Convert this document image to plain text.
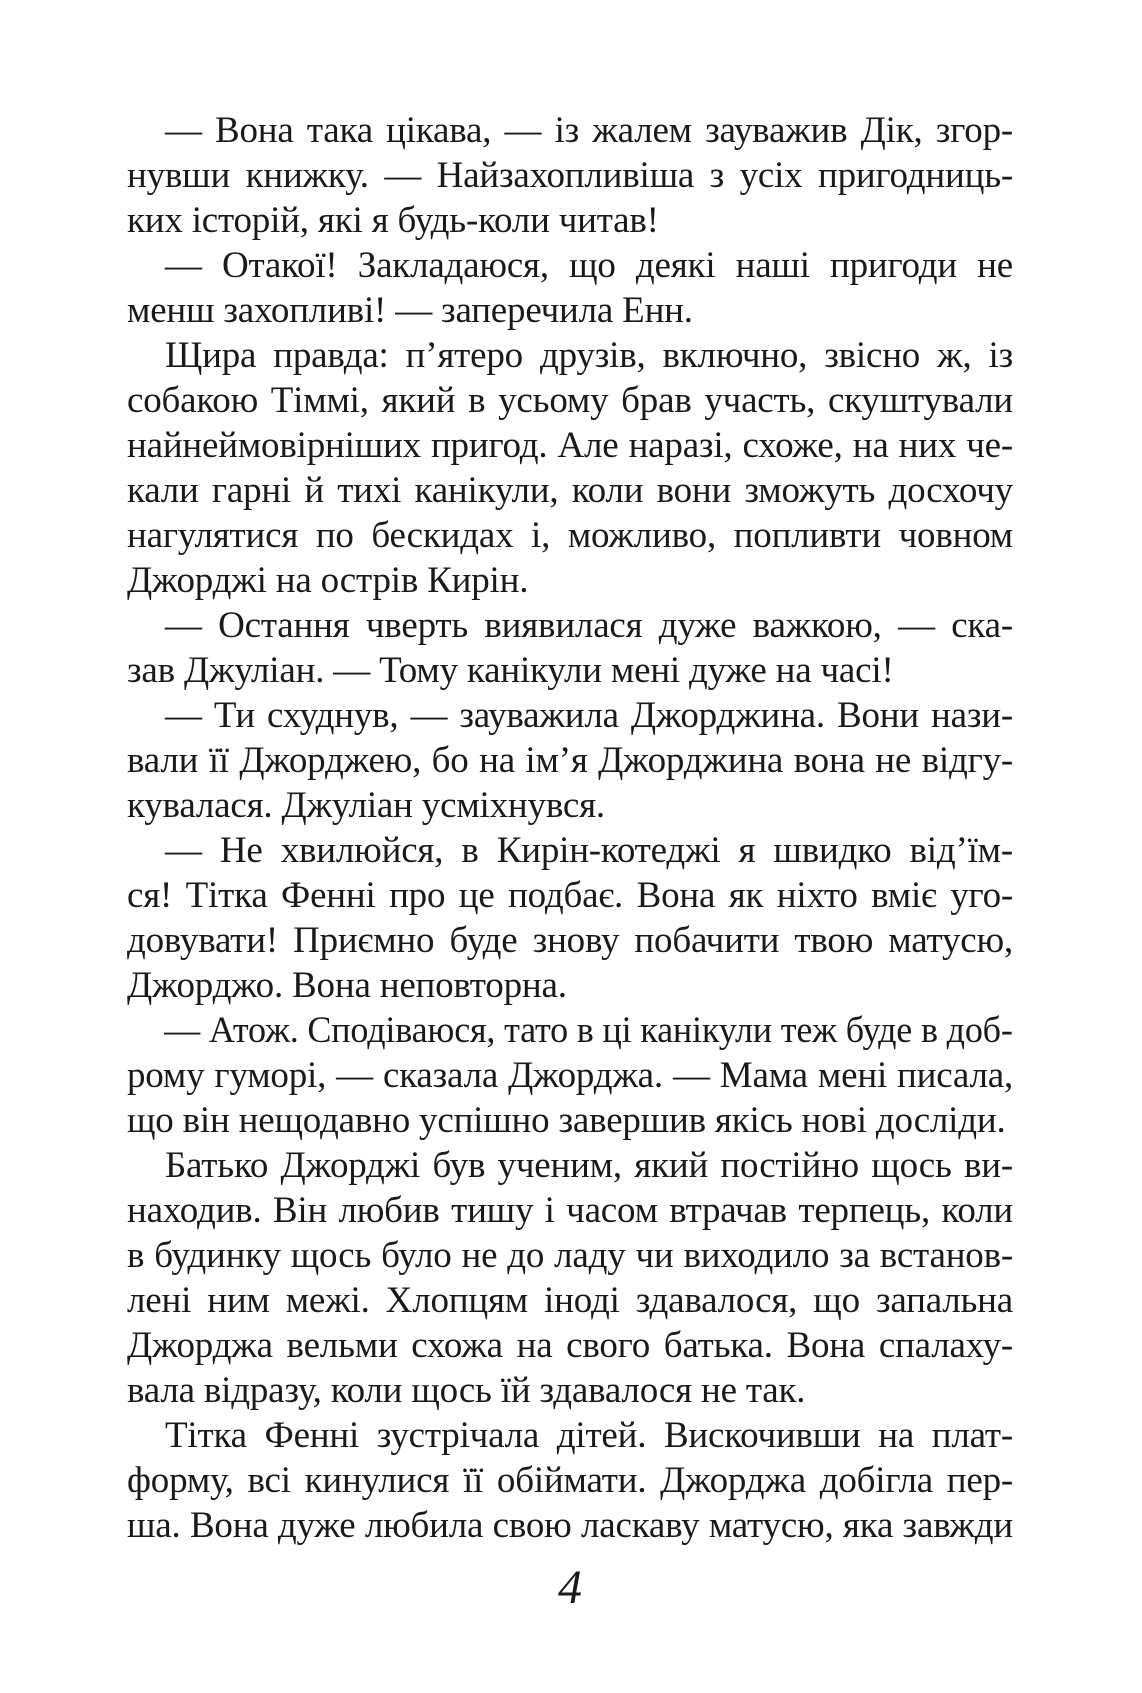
— Вона така цікава, — із жалем зауважив Дік, згор-
нувши книжку. — Найзахопливіша з усіх пригодниць-
ких історій, які я будь-коли читав!
— Отакої! Закладаюся, що деякі наші пригоди не
менш захопливі! — заперечила Енн.
Щира правда: п’ятеро друзів, включно, звісно ж, із
собакою Тіммі, який в усьому брав участь, скуштували
найнеймовірніших пригод. Але наразі, схоже, на них че-
кали гарні й тихі канікули, коли вони зможуть досхочу
нагулятися по бескидах і, можливо, попливти човном
Джорджі на острів Кирін.
— Остання чверть виявилася дуже важкою, — ска-
зав Джуліан. — Тому канікули мені дуже на часі!
— Ти схуднув, — зауважила Джорджина. Вони нази-
вали її Джорджею, бо на ім’я Джорджина вона не відгу-
кувалася. Джуліан усміхнувся.
— Не хвилюйся, в Кирін-котеджі я швидко від’їм-
ся! Тітка Фенні про це подбає. Вона як ніхто вміє уго-
довувати! Приємно буде знову побачити твою матусю,
Джорджо. Вона неповторна.
— Атож. Сподіваюся, тато в ці канікули теж буде в доб-
рому гуморі, — сказала Джорджа. — Мама мені писала,
що він нещодавно успішно завершив якісь нові досліди.
Батько Джорджі був ученим, який постійно щось ви-
находив. Він любив тишу і часом втрачав терпець, коли
в будинку щось було не до ладу чи виходило за встанов-
лені ним межі. Хлопцям іноді здавалося, що запальна
Джорджа вельми схожа на свого батька. Вона спалаху-
вала відразу, коли щось їй здавалося не так.
Тітка Фенні зустрічала дітей. Вискочивши на плат-
форму, всі кинулися її обіймати. Джорджа добігла пер-
ша. Вона дуже любила свою ласкаву матусю, яка завжди
4
